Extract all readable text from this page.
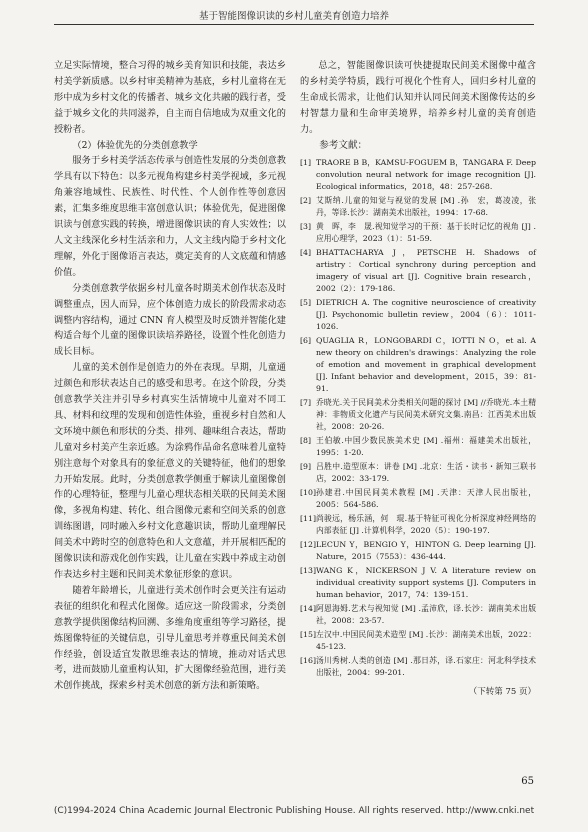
基于智能图像识读的乡村儿童美育创造力培养

立足实际情境，整合习得的城乡美育知识和技能，表达乡村美学新质感。以乡村审美精神为基底，乡村儿童将在无形中成为乡村文化的传播者、城乡文化共融的践行者，受益于城乡文化的共同滋养，自主而自信地成为双重文化的授粉者。

（2）体验优先的分类创意教学

服务于乡村美学活态传承与创造性发展的分类创意教学具有以下特色：以多元视角构建乡村美学视域，多元视角兼容地域性、民族性、时代性、个人创作性等创意因素，汇集多维度思维丰富创意认识；体验优先，促进图像识读与创意实践的转换，增进图像识读的育人实效性；以人文主线深化乡村生活亲和力，人文主线内隐于乡村文化理解，外化于图像语言表达，奠定美育的人文底蕴和情感价值。

分类创意教学依据乡村儿童各时期美术创作状态及时调整重点，因人而异，应个体创造力成长的阶段需求动态调整内容结构，通过 CNN 育人模型及时反馈并智能化建构适合每个儿童的图像识读培养路径，设置个性化创造力成长目标。

儿童的美术创作是创造力的外在表现。早期，儿童通过颜色和形状表达自己的感受和思考。在这个阶段，分类创意教学关注并引导乡村真实生活情境中儿童对不同工具、材料和纹理的发现和创造性体验，重视乡村自然和人文环境中颜色和形状的分类、排列、趣味组合表达，帮助儿童对乡村美产生亲近感。为涂鸦作品命名意味着儿童特别注意每个对象具有的象征意义的关键特征，他们的想象力开始发展。此时，分类创意教学侧重于解读儿童图像创作的心理特征，整理与儿童心理状态相关联的民间美术图像，多视角构建、转化、组合图像元素和空间关系的创意训练图谱，同时融入乡村文化意趣识读，帮助儿童理解民间美术中跨时空的创意特色和人文意蕴，并开展相匹配的图像识读和游戏化创作实践，让儿童在实践中养成主动创作表达乡村主题和民间美术象征形象的意识。

随着年龄增长，儿童进行美术创作时会更关注有运动表征的组织化和程式化图像。适应这一阶段需求，分类创意教学提供图像结构回溯、多维角度重组等学习路径，提炼图像特征的关键信息，引导儿童思考并尊重民间美术创作经验，创设适宜发散思维表达的情境，推动对话式思考，进而鼓励儿童重构认知，扩大图像经验范围，进行美术创作挑战，探索乡村美术创意的新方法和新策略。

总之，智能图像识读可快捷提取民间美术图像中蕴含的乡村美学特质，践行可视化个性育人，回归乡村儿童的生命成长需求，让他们认知并认同民间美术图像传达的乡村智慧力量和生命审美境界，培养乡村儿童的美育创造力。

参考文献：

[1] TRAORE B B，KAMSU-FOGUEM B，TANGARA F. Deep convolution neural network for image recognition [J]. Ecological informatics，2018，48：257-268.
[2] 艾斯纳.儿童的知觉与视觉的发展 [M] .孙　宏，葛凌凌，张　丹，等译.长沙：湖南美术出版社，1994：17-68.
[3] 黄　晖，李　晟.视知觉学习的干预：基于长时记忆的视角 [J] .应用心理学，2023（1）：51-59.
[4] BHATTACHARYA J，PETSCHE H. Shadows of artistry：Cortical synchrony during perception and imagery of visual art [J]. Cognitive brain research，2002（2）：179-186.
[5] DIETRICH A. The cognitive neuroscience of creativity [J]. Psychonomic bulletin review，2004（6）：1011-1026.
[6] QUAGLIA R，LONGOBARDI C，IOTTI N O，et al. A new theory on children's drawings：Analyzing the role of emotion and movement in graphical development [J]. Infant behavior and development，2015，39：81-91.
[7] 乔晓光.关于民间美术分类相关问题的探讨 [M] //乔晓光.本土精神：非物质文化遗产与民间美术研究文集.南昌：江西美术出版社，2008：20-26.
[8] 王伯敏.中国少数民族美术史 [M] .福州：福建美术出版社，1995：1-20.
[9] 吕胜中.造型原本：讲卷 [M] .北京：生活・读书・新知三联书店，2002：33-179.
[10] 孙建君.中国民间美术教程 [M] .天津：天津人民出版社，2005：564-586.
[11] 尚骏远，杨乐涵，何　琨.基于特征可视化分析深度神经网络的内部表征 [J] .计算机科学，2020（5）：190-197.
[12] LECUN Y，BENGIO Y，HINTON G. Deep learning [J]. Nature，2015（7553）：436-444.
[13] WANG K，NICKERSON J V. A literature review on individual creativity support systems [J]. Computers in human behavior，2017，74：139-151.
[14] 阿恩海姆.艺术与视知觉 [M] .孟沛欣，译.长沙：湖南美术出版社，2008：23-57.
[15] 左汉中.中国民间美术造型 [M] .长沙：湖南美术出版，2022：45-123.
[16] 汤川秀树.人类的创造 [M] .那日苏，译.石家庄：河北科学技术出版社，2004：99-201.
（下转第 75 页）
65
(C)1994-2024 China Academic Journal Electronic Publishing House. All rights reserved. http://www.cnki.net
